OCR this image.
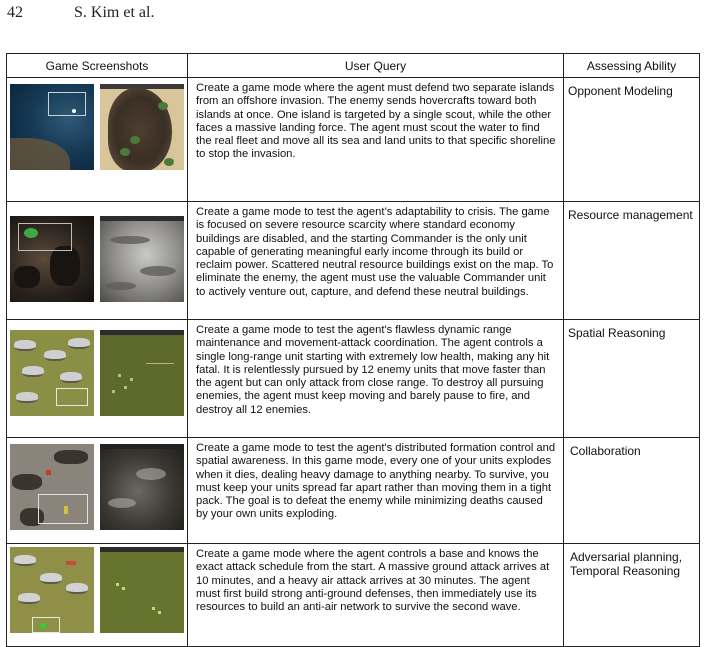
42	S. Kim et al.
Game Screenshots	User Query	Assessing Ability

	Create a game mode where the agent must defend two separate islands from an offshore invasion. The enemy sends hovercrafts toward both islands at once. One island is targeted by a single scout, while the other faces a massive landing force. The agent must scout the water to find the real fleet and move all its sea and land units to that specific shoreline to stop the invasion.	Opponent Modeling

	Create a game mode to test the agent’s adaptability to crisis. The game is focused on severe resource scarcity where standard economy buildings are disabled, and the starting Commander is the only unit capable of generating meaningful early income through its build or reclaim power. Scattered neutral resource buildings exist on the map. To eliminate the enemy, the agent must use the valuable Commander unit to actively venture out, capture, and defend these neutral buildings.	Resource management

	Create a game mode to test the agent's flawless dynamic range maintenance and movement-attack coordination. The agent controls a single long-range unit starting with extremely low health, making any hit fatal. It is relentlessly pursued by 12 enemy units that move faster than the agent but can only attack from close range. To destroy all pursuing enemies, the agent must keep moving and barely pause to fire, and destroy all 12 enemies.	Spatial Reasoning

	Create a game mode to test the agent's distributed formation control and spatial awareness. In this game mode, every one of your units explodes when it dies, dealing heavy damage to anything nearby. To survive, you must keep your units spread far apart rather than moving them in a tight pack. The goal is to defeat the enemy while minimizing deaths caused by your own units exploding.	Collaboration

	Create a game mode where the agent controls a base and knows the exact attack schedule from the start. A massive ground attack arrives at 10 minutes, and a heavy air attack arrives at 30 minutes. The agent must first build strong anti-ground defenses, then immediately use its resources to build an anti-air network to survive the second wave.	Adversarial planning,
Temporal Reasoning
